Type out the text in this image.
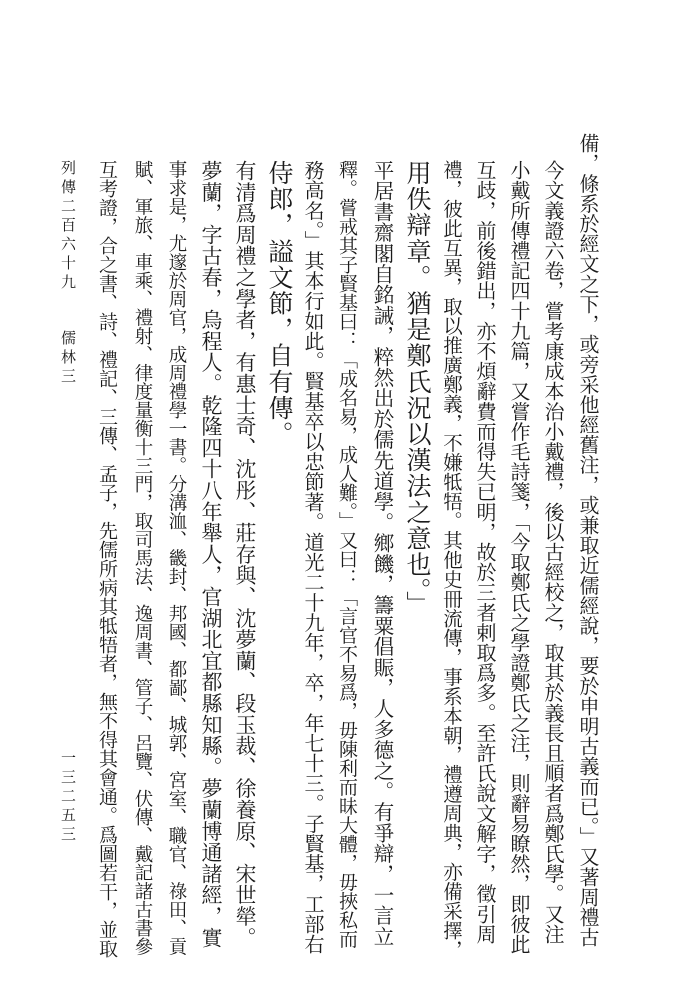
備，條系於經文之下，或旁采他經舊注，或兼取近儒經說，要於申明古義而已。」又著周禮古
今文義證六卷，嘗考康成本治小戴禮，後以古經校之，取其於義長且順者爲鄭氏學。又注
小戴所傳禮記四十九篇，又嘗作毛詩箋，「今取鄭氏之學證鄭氏之注，則辭易瞭然，即彼此
互歧，前後錯出，亦不煩辭費而得失已明，故於三者剌取爲多。至許氏說文解字，徵引周
禮，彼此互異，取以推廣鄭義，不嫌牴牾。其他史冊流傳，事系本朝，禮遵周典，亦備采擇，
用佚辯章。猶是鄭氏況以漢法之意也。」
平居書齋閣自銘誡，粹然出於儒先道學。鄉饑，籌粟倡賑，人多德之。有爭辯，一言立
釋。嘗戒其子賢基曰：「成名易，成人難。」又曰：「言官不易爲，毋陳利而昧大體，毋挾私而
務高名。」其本行如此。賢基卒以忠節著。道光二十九年，卒，年七十三。子賢基，工部右
侍郎，謚文節，自有傳。
有清爲周禮之學者，有惠士奇、沈彤、莊存與、沈夢蘭、段玉裁、徐養原、宋世犖。
夢蘭，字古春，烏程人。乾隆四十八年舉人，官湖北宜都縣知縣。夢蘭博通諸經，實
事求是，尤邃於周官，成周禮學一書。分溝洫、畿封、邦國、都鄙、城郭、宮室、職官、祿田、貢
賦、軍旅、車乘、禮射、律度量衡十三門，取司馬法、逸周書、管子、呂覽、伏傳、戴記諸古書參
互考證，合之書、詩、禮記、三傳、孟子，先儒所病其牴牾者，無不得其會通。爲圖若干，並取
列傳二百六十九
儒林三
一三二五三
